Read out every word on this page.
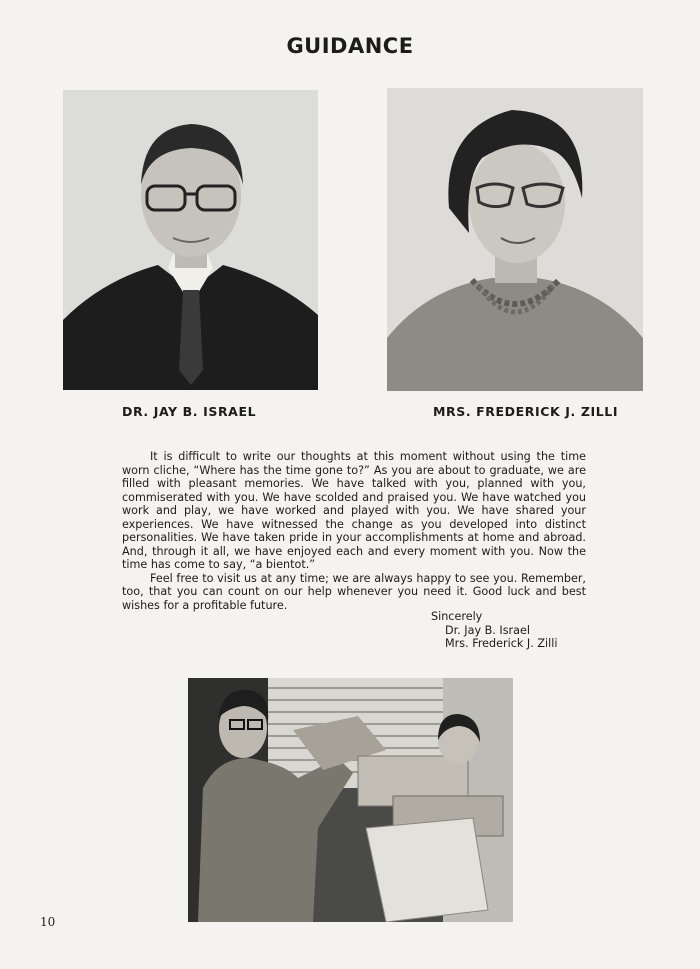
GUIDANCE
DR. JAY B. ISRAEL	MRS. FREDERICK J. ZILLI

It is difficult to write our thoughts at this moment without using the time worn cliche, “Where has the time gone to?” As you are about to graduate, we are filled with pleasant memories. We have talked with you, planned with you, commiserated with you. We have scolded and praised you. We have watched you work and play, we have worked and played with you. We have shared your experiences. We have witnessed the change as you developed into distinct personalities. We have taken pride in your accomplishments at home and abroad. And, through it all, we have enjoyed each and every moment with you. Now the time has come to say, “a bientot.”

Feel free to visit us at any time; we are always happy to see you. Remember, too, that you can count on our help whenever you need it. Good luck and best wishes for a profitable future.

Sincerely
Dr. Jay B. Israel
Mrs. Frederick J. Zilli
10
